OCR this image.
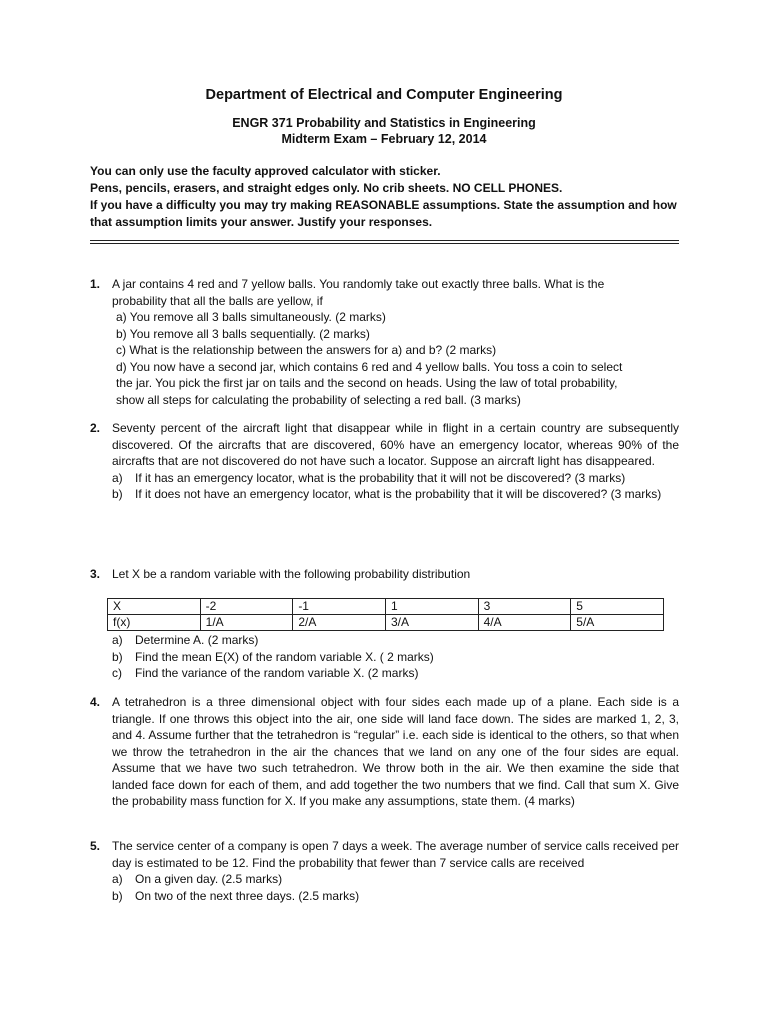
Department of Electrical and Computer Engineering
ENGR 371 Probability and Statistics in Engineering
Midterm Exam – February 12, 2014
You can only use the faculty approved calculator with sticker.
Pens, pencils, erasers, and straight edges only. No crib sheets. NO CELL PHONES.
If you have a difficulty you may try making REASONABLE assumptions. State the assumption and how
that assumption limits your answer. Justify your responses.
1. A jar contains 4 red and 7 yellow balls. You randomly take out exactly three balls. What is the
probability that all the balls are yellow, if
a) You remove all 3 balls simultaneously. (2 marks)
b) You remove all 3 balls sequentially. (2 marks)
c) What is the relationship between the answers for a) and b? (2 marks)
d) You now have a second jar, which contains 6 red and 4 yellow balls. You toss a coin to select
the jar. You pick the first jar on tails and the second on heads. Using the law of total probability,
show all steps for calculating the probability of selecting a red ball. (3 marks)
2. Seventy percent of the aircraft light that disappear while in flight in a certain country are subsequently discovered. Of the aircrafts that are discovered, 60% have an emergency locator, whereas 90% of the aircrafts that are not discovered do not have such a locator. Suppose an aircraft light has disappeared.
a)	If it has an emergency locator, what is the probability that it will not be discovered? (3 marks)
b)	If it does not have an emergency locator, what is the probability that it will be discovered? (3 marks)
3. Let X be a random variable with the following probability distribution
X	-2	-1	1	3	5
f(x)	1/A	2/A	3/A	4/A	5/A
a)	Determine A. (2 marks)
b)	Find the mean E(X) of the random variable X. ( 2 marks)
c)	Find the variance of the random variable X. (2 marks)
4. A tetrahedron is a three dimensional object with four sides each made up of a plane. Each side is a triangle. If one throws this object into the air, one side will land face down. The sides are marked 1, 2, 3, and 4. Assume further that the tetrahedron is “regular” i.e. each side is identical to the others, so that when we throw the tetrahedron in the air the chances that we land on any one of the four sides are equal. Assume that we have two such tetrahedron. We throw both in the air. We then examine the side that landed face down for each of them, and add together the two numbers that we find. Call that sum X. Give the probability mass function for X. If you make any assumptions, state them. (4 marks)
5. The service center of a company is open 7 days a week. The average number of service calls received per day is estimated to be 12. Find the probability that fewer than 7 service calls are received
a)	On a given day. (2.5 marks)
b)	On two of the next three days. (2.5 marks)
